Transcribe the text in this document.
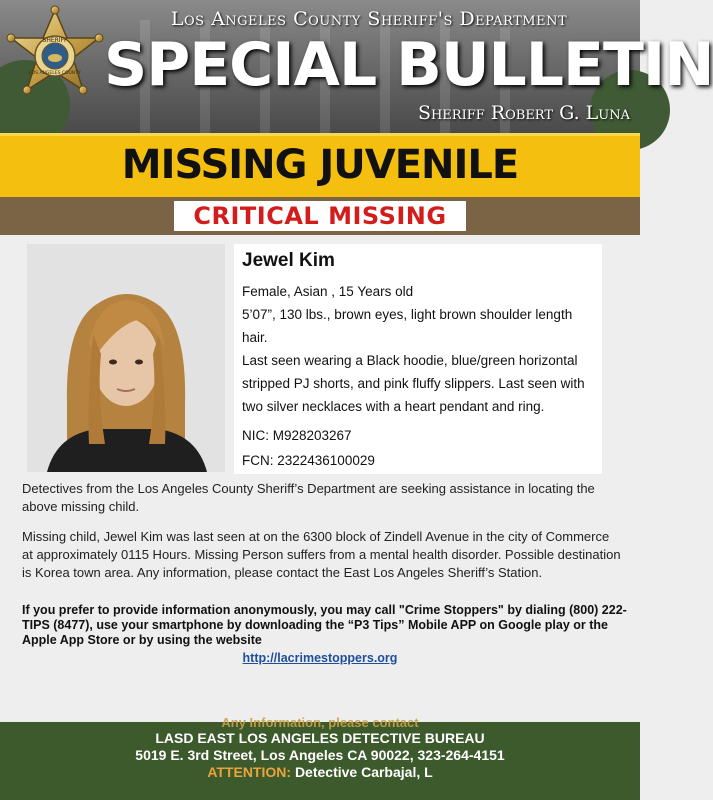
SHERIFF
LOS ANGELES COUNTY
Los Angeles County Sheriff's Department
SPECIAL BULLETIN
Sheriff Robert G. Luna
MISSING JUVENILE
CRITICAL MISSING
Jewel Kim

Female, Asian , 15 Years old

5’07”, 130 lbs., brown eyes, light brown shoulder length hair.

Last seen wearing a Black hoodie, blue/green horizontal stripped PJ shorts, and pink fluffy slippers. Last seen with two silver necklaces with a heart pendant and ring.

NIC: M928203267

FCN: 2322436100029

Detectives from the Los Angeles County Sheriff’s Department are seeking assistance in locating the above missing child.
Missing child, Jewel Kim was last seen at on the 6300 block of Zindell Avenue in the city of Commerce at approximately 0115 Hours. Missing Person suffers from a mental health disorder. Possible destination is Korea town area. Any information, please contact the East Los Angeles Sheriff’s Station.
If you prefer to provide information anonymously, you may call "Crime Stoppers" by dialing (800) 222-TIPS (8477), use your smartphone by downloading the “P3 Tips” Mobile APP on Google play or the Apple App Store or by using the website
http://lacrimestoppers.org
Any Information, please contact
LASD EAST LOS ANGELES DETECTIVE BUREAU
5019 E. 3rd Street, Los Angeles CA 90022, 323-264-4151
ATTENTION: Detective Carbajal, L
